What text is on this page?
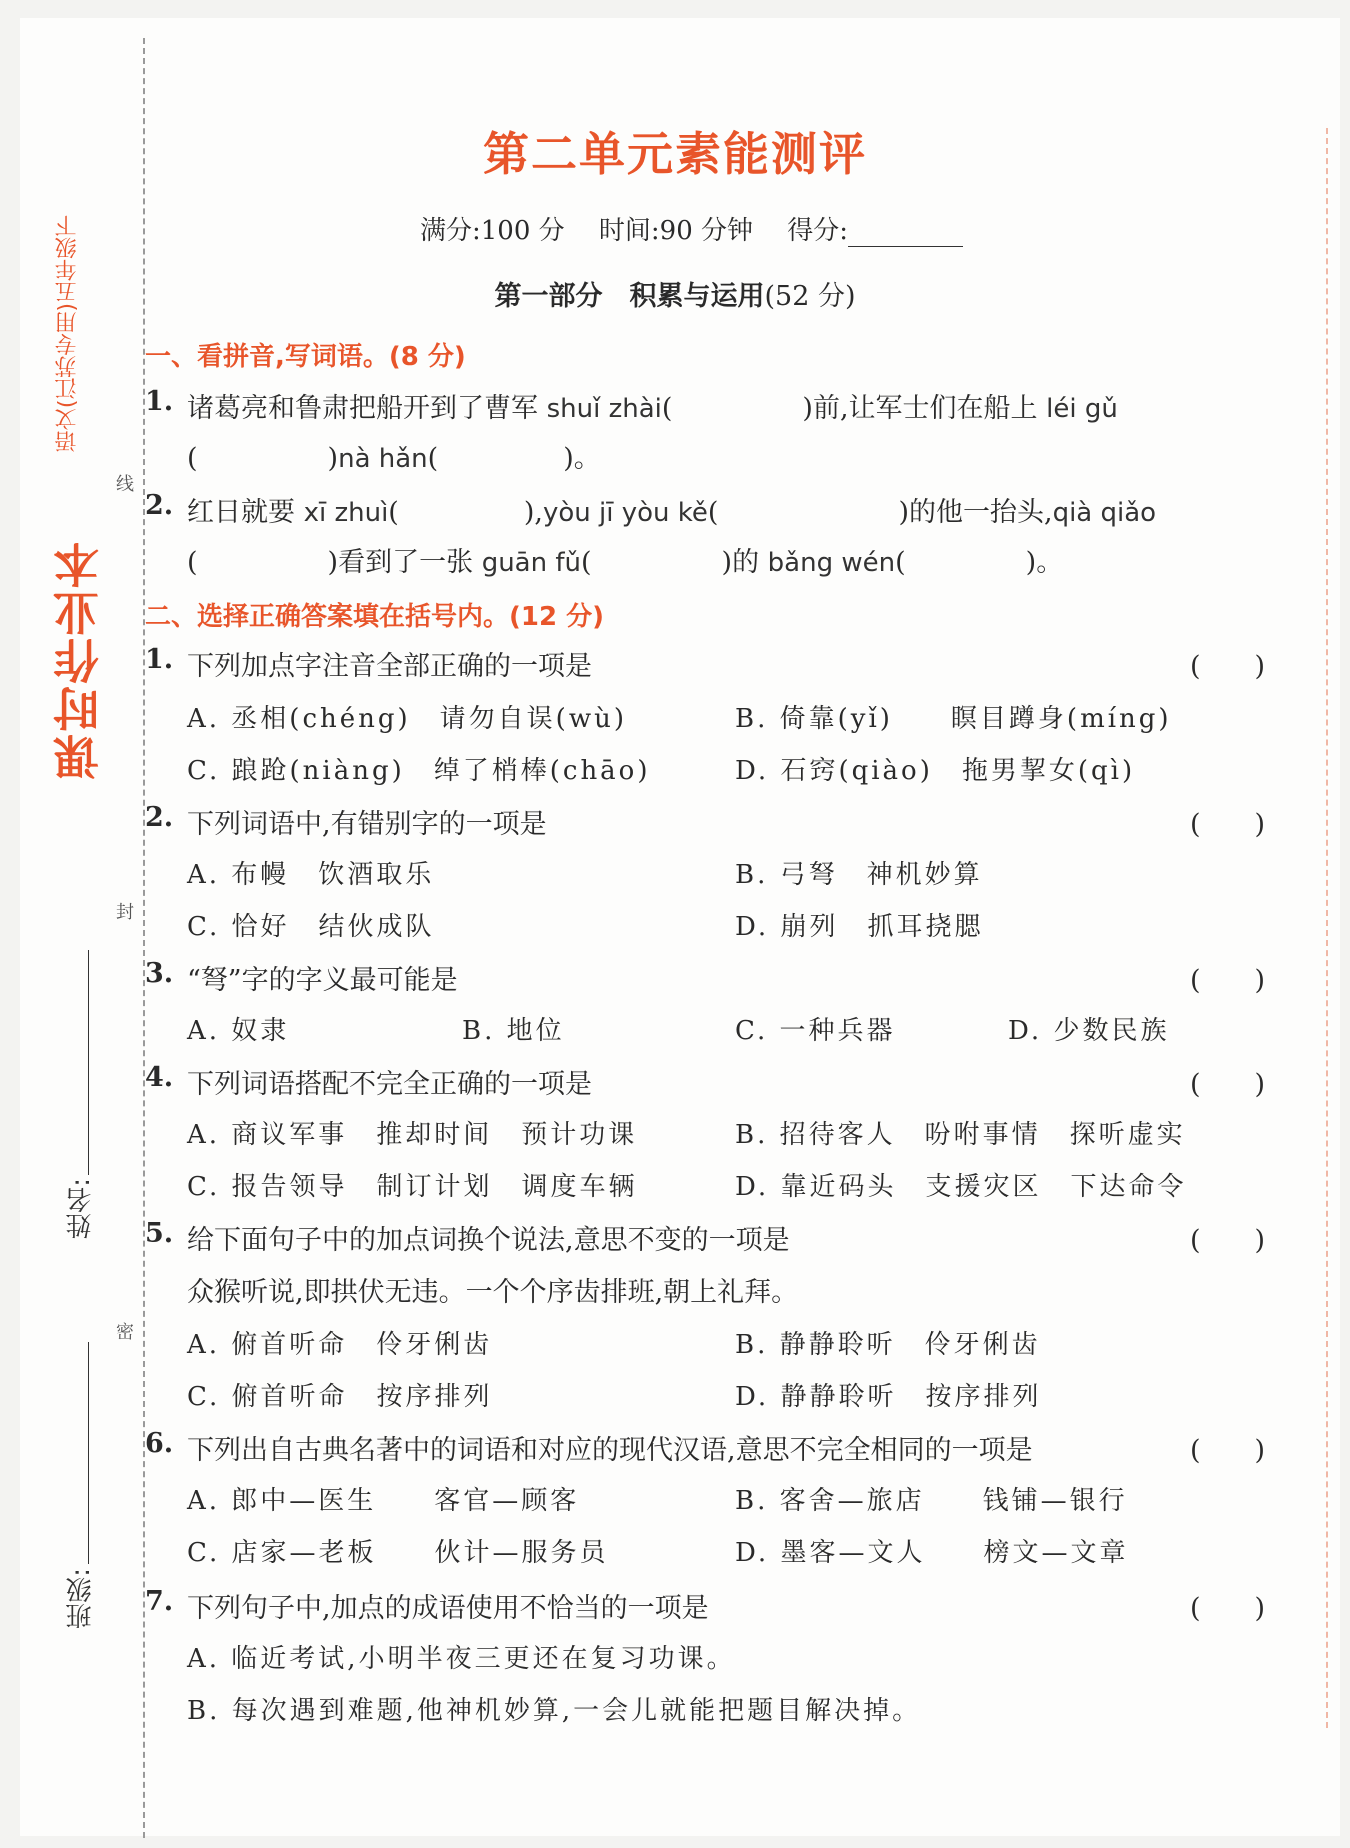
课时作业本
语文(江苏专用)五年级下
线
封
密
姓名:
班级:
第二单元素能测评
满分:100 分 时间:90 分钟 得分:
第一部分　积累与运用(52 分)
一、看拼音,写词语。(8 分)
1. 诸葛亮和鲁肃把船开到了曹军 shuǐ zhài(	)前,让军士们在船上 léi gǔ
(	)nà hǎn(	)。
2. 红日就要 xī zhuì(	),yòu jī yòu kě(	)的他一抬头,qià qiǎo
(	)看到了一张 guān fǔ(	)的 bǎng wén(	)。
二、选择正确答案填在括号内。(12 分)
1. 下列加点字注音全部正确的一项是	(　　)
A. 丞相(chéng)　请勿自误(wù)	B. 倚靠(yǐ)　　瞑目蹲身(míng)
C. 踉跄(niàng)　绰了梢棒(chāo)	D. 石窍(qiào)　拖男挈女(qì)
2. 下列词语中,有错别字的一项是	(　　)
A. 布幔　饮酒取乐	B. 弓弩　神机妙算
C. 恰好　结伙成队	D. 崩列　抓耳挠腮
3. “弩”字的字义最可能是	(　　)
A. 奴隶	B. 地位	C. 一种兵器	D. 少数民族
4. 下列词语搭配不完全正确的一项是	(　　)
A. 商议军事　推却时间　预计功课	B. 招待客人　吩咐事情　探听虚实
C. 报告领导　制订计划　调度车辆	D. 靠近码头　支援灾区　下达命令
5. 给下面句子中的加点词换个说法,意思不变的一项是	(　　)
众猴听说,即拱伏无违。一个个序齿排班,朝上礼拜。
A. 俯首听命　伶牙俐齿	B. 静静聆听　伶牙俐齿
C. 俯首听命　按序排列	D. 静静聆听　按序排列
6. 下列出自古典名著中的词语和对应的现代汉语,意思不完全相同的一项是	(　　)
A. 郎中—医生　　客官—顾客	B. 客舍—旅店　　钱铺—银行
C. 店家—老板　　伙计—服务员	D. 墨客—文人　　榜文—文章
7. 下列句子中,加点的成语使用不恰当的一项是	(　　)
A. 临近考试,小明半夜三更还在复习功课。
B. 每次遇到难题,他神机妙算,一会儿就能把题目解决掉。
